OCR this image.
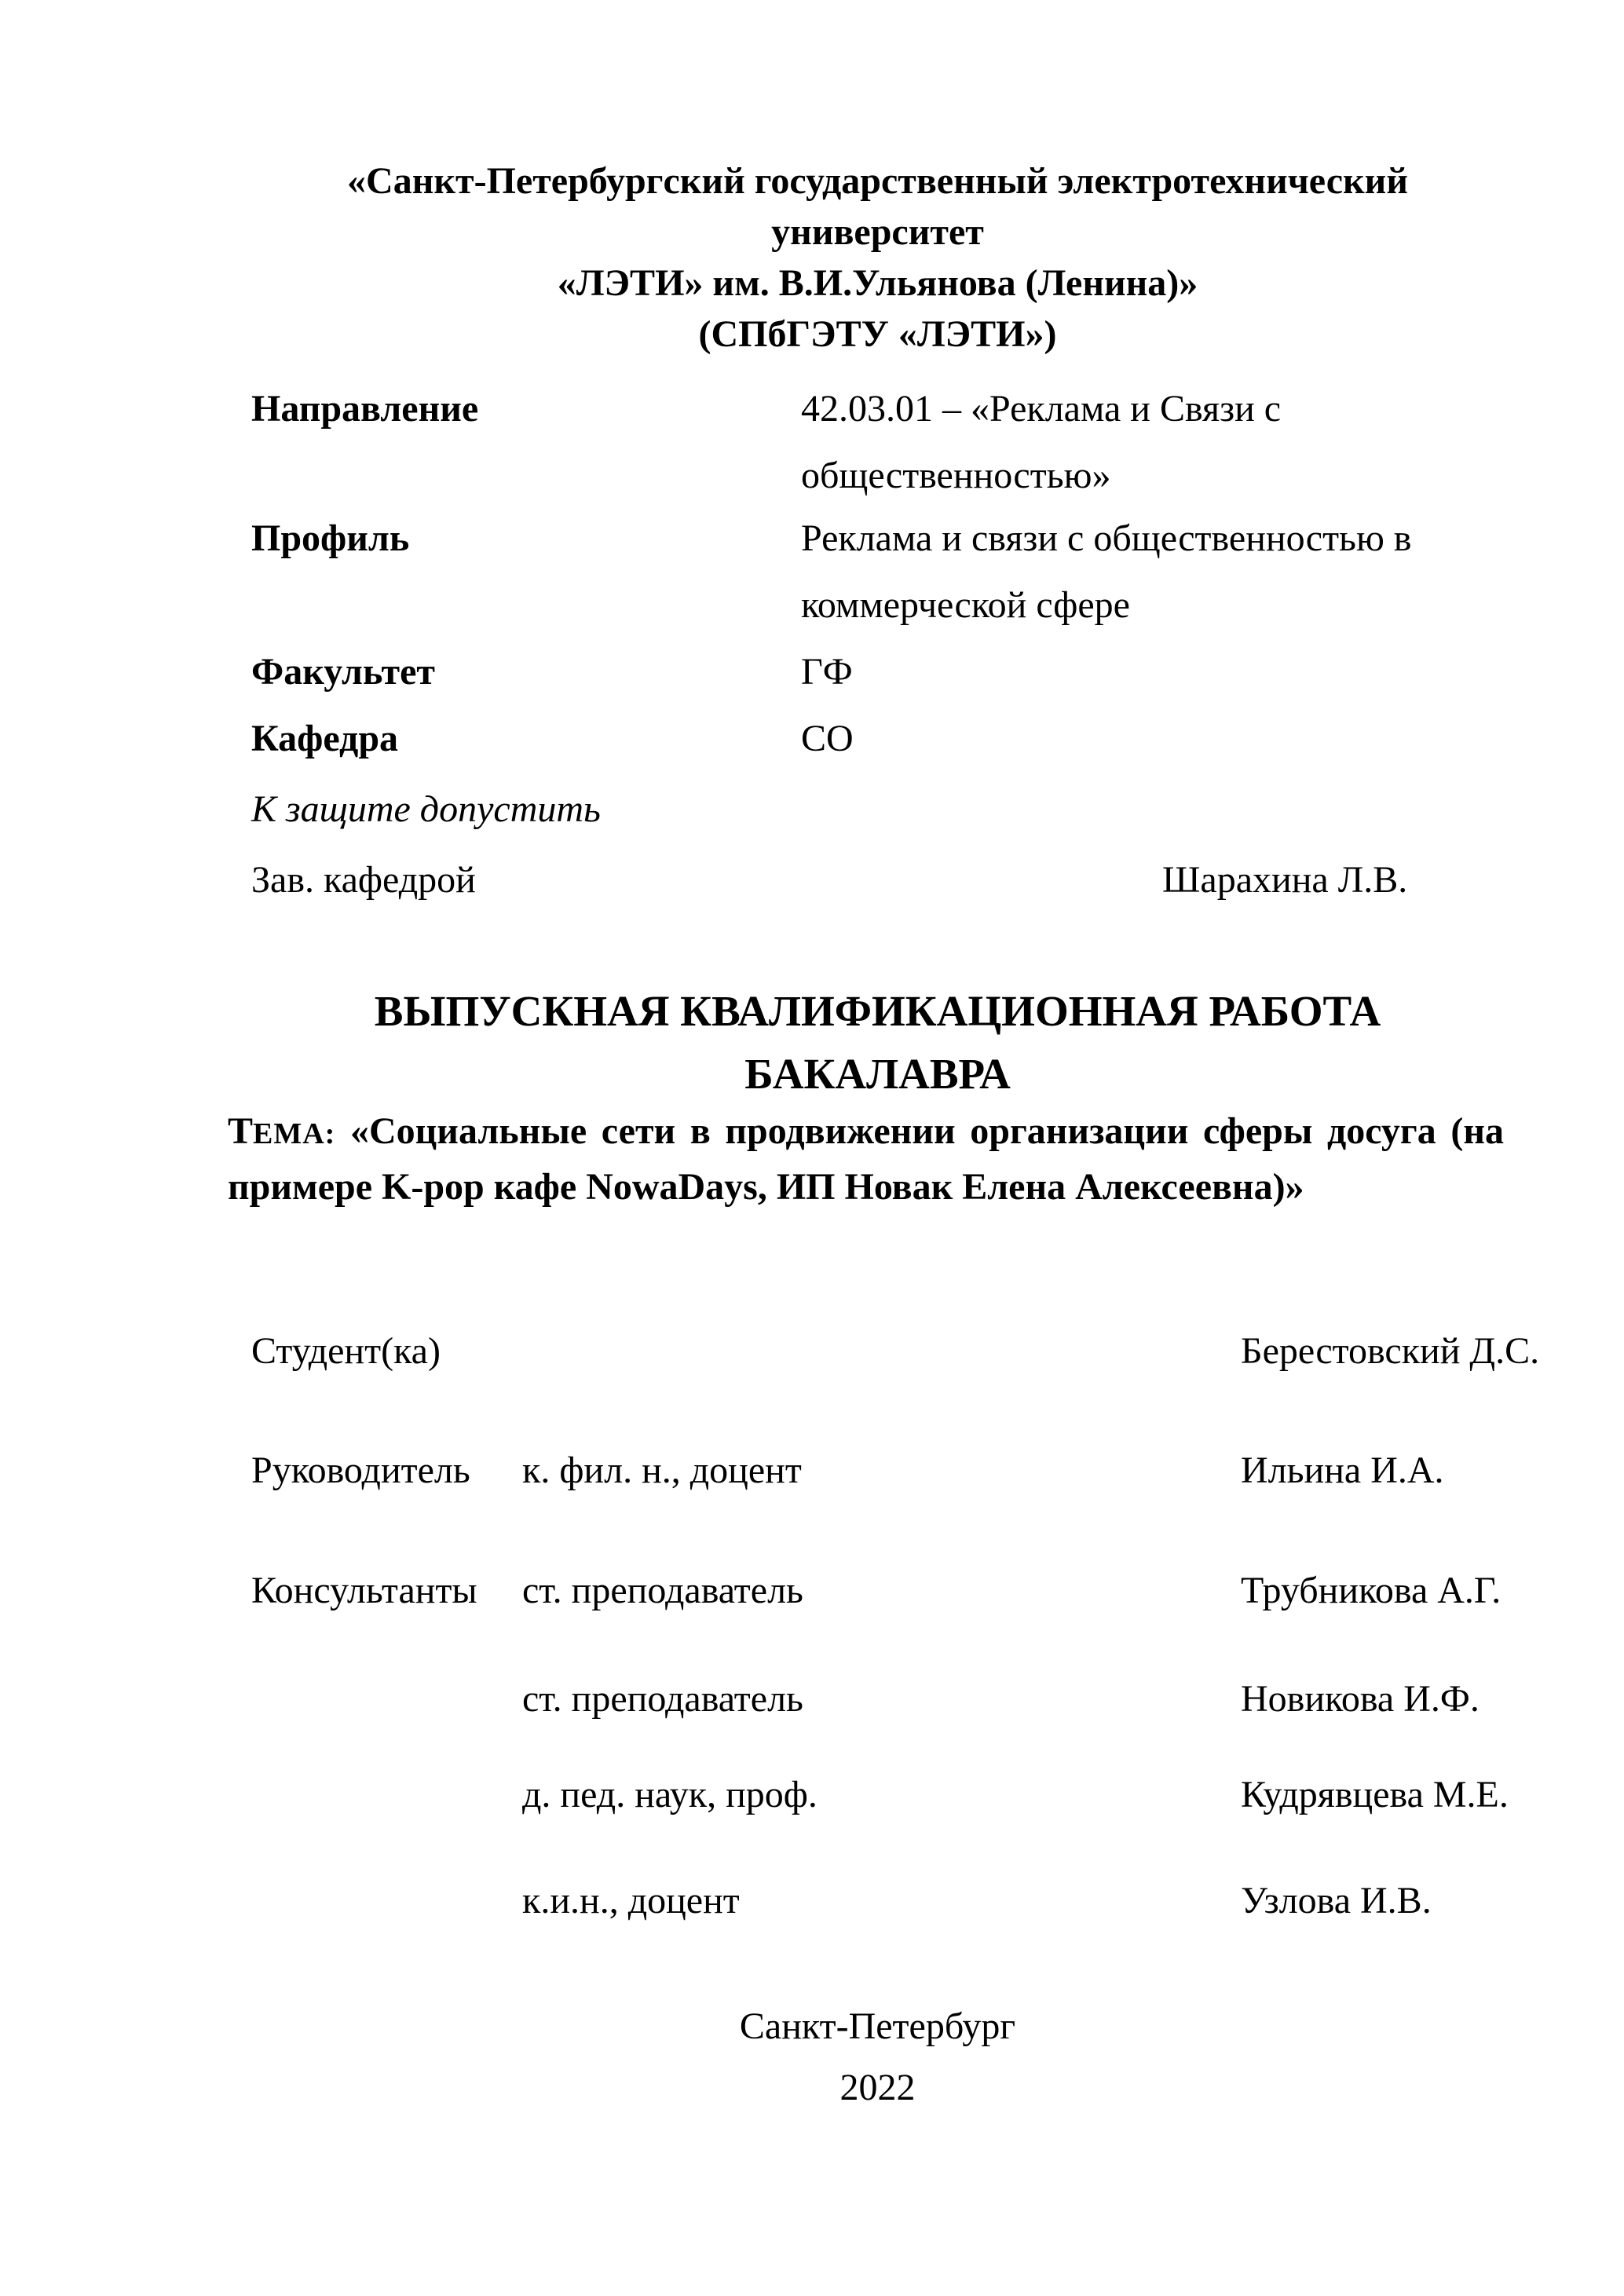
«Санкт-Петербургский государственный электротехнический университет
«ЛЭТИ» им. В.И.Ульянова (Ленина)»
(СПбГЭТУ «ЛЭТИ»)
Направление	42.03.01 – «Реклама и Связи с общественностью»
Профиль	Реклама и связи с общественностью в коммерческой сфере
Факультет	ГФ
Кафедра	СО
К защите допустить
Зав. кафедрой	Шарахина Л.В.
ВЫПУСКНАЯ КВАЛИФИКАЦИОННАЯ РАБОТА
БАКАЛАВРА
ТЕМА: «Социальные сети в продвижении организации сферы досуга (на примере K-pop кафе NowaDays, ИП Новак Елена Алексеевна)»
Студент(ка)	Берестовский Д.С.
Руководитель к. фил. н., доцент	Ильина И.А.
Консультанты ст. преподаватель	Трубникова А.Г.
ст. преподаватель	Новикова И.Ф.
д. пед. наук, проф.	Кудрявцева М.Е.
к.и.н., доцент	Узлова И.В.
Санкт-Петербург
2022
